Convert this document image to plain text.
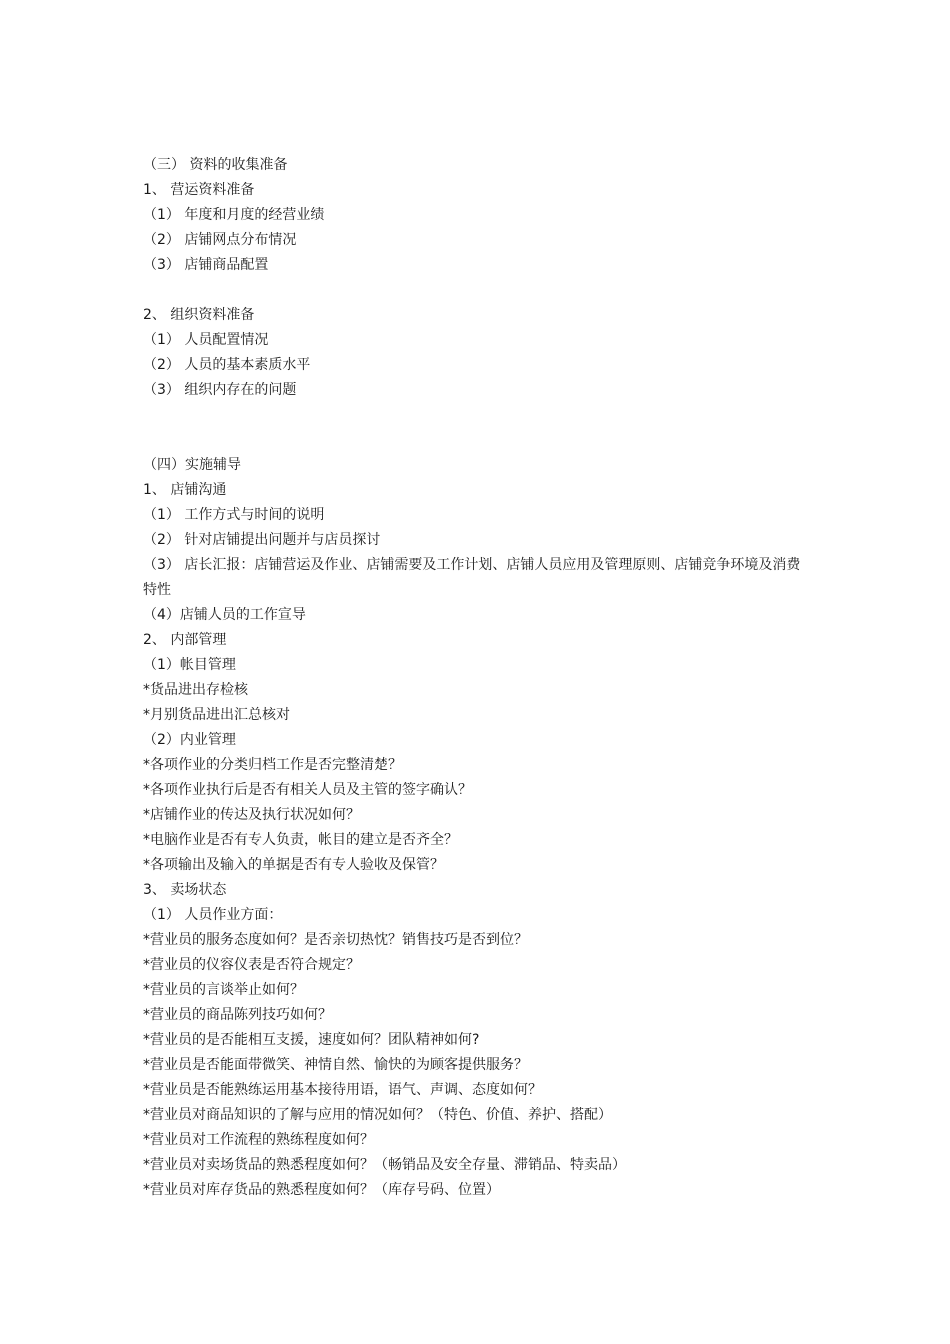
（三） 资料的收集准备
1、 营运资料准备
（1） 年度和月度的经营业绩
（2） 店铺网点分布情况
（3） 店铺商品配置
2、 组织资料准备
（1） 人员配置情况
（2） 人员的基本素质水平
（3） 组织内存在的问题
（四）实施辅导
1、 店铺沟通
（1） 工作方式与时间的说明
（2） 针对店铺提出问题并与店员探讨
（3） 店长汇报：店铺营运及作业、店铺需要及工作计划、店铺人员应用及管理原则、店铺竞争环境及消费特性
（4）店铺人员的工作宣导
2、 内部管理
（1）帐目管理
*货品进出存检核
*月别货品进出汇总核对
（2）内业管理
*各项作业的分类归档工作是否完整清楚？
*各项作业执行后是否有相关人员及主管的签字确认？
*店铺作业的传达及执行状况如何？
*电脑作业是否有专人负责，帐目的建立是否齐全？
*各项输出及输入的单据是否有专人验收及保管？
3、 卖场状态
（1） 人员作业方面：
*营业员的服务态度如何？是否亲切热忱？销售技巧是否到位？
*营业员的仪容仪表是否符合规定？
*营业员的言谈举止如何？
*营业员的商品陈列技巧如何？
*营业员的是否能相互支援，速度如何？团队精神如何?
*营业员是否能面带微笑、神情自然、愉快的为顾客提供服务？
*营业员是否能熟练运用基本接待用语，语气、声调、态度如何？
*营业员对商品知识的了解与应用的情况如何？（特色、价值、养护、搭配）
*营业员对工作流程的熟练程度如何？
*营业员对卖场货品的熟悉程度如何？（畅销品及安全存量、滞销品、特卖品）
*营业员对库存货品的熟悉程度如何？（库存号码、位置）
